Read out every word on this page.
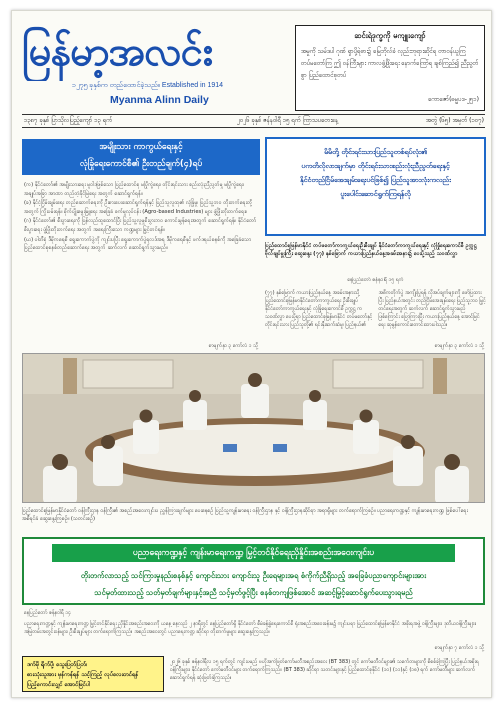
မြန်မာ့အလင်း
၁၂၇၅ ခုနှစ်က တည်ထောင်ခဲ့သည်။ Established in 1914
Myanma Alinn Daily
ဆင်းရဲဒုက္ခကို မကျူးကျော်
အမှုကို သမ်ဒပါ ဂုဏ် ရှာပို့ရဲဓား၌ မြေဘိုလ်ခံ လှည်းဘုရားဆိုင်ရ တာဝန်ယူကြ တပ်မတော်ကြ ဤ ဝန်ကြီးများ ကာလဖွံ့ဖြိုးရေး နောက်ကြော်ရ ချစ်ကြည်၍ ညီညွတ်စွာ ပြည်ထောင်စုတပ်
ကောဇော်(ဓမ္မပဒ-၂၅၁)
၁၃၈၇ ခုနှစ် ပြာသိုလပြည့်ကျော် ၁၃ ရက်	၂၀၂၆ ခုနှစ် ဇန်နဝါရီ ၁၅ ရက် ကြာသပတေးနေ့	အတွဲ (၆၅) အမှတ် (၁၀၇)
အမျိုးသား ကာကွယ်ရေးနှင့်
လုံခြုံရေးကောင်စီ၏ ဦးတည်ချက်(၄)ရပ်

(က) နိုင်ငံတော်၏ အမျိုးသားရေး မူဝါဒဖြစ်သော ပြည်ထောင်စု မပြိုကွဲရေး၊ တိုင်းရင်းသား စည်းလုံးညီညွတ်မှု မပြိုကွဲရေး၊ အချုပ်အခြာ အာဏာ တည်တံ့ခိုင်မြဲရေး အတွက် ဆောင်ရွက်ရန်။

(ခ) နိုင်ငံ့ငြိမ်းချမ်းရေး တည်ဆောက်ရေးကို ဦးစားပေးဆောင်ရွက်ရန်နှင့် ပြည်သူလူထု၏ လုံခြုံမှု၊ ပြည်သူ့ဘဝ တိုးတက်ရေးတို့အတွက် ကြိုးပမ်းရန်။ စိုက်ပျိုးမွေးမြူရေး အခြေခံ စက်မှုလုပ်ငန်း (Agro-based Industries) များ ဖွံ့ဖြိုးတိုးတက်ရေး။

(ဂ) နိုင်ငံတော်၏ စီးပွားရေးကို ပြန်လည်ထူထောင်ပြီး ပြည်သူ့လူမှုစီးပွားဘဝ ကောင်းမွန်ရေးအတွက် ဆောင်ရွက်ရန်။ နိုင်ငံတော် စီးပွားရေး ဖွံ့ဖြိုးတိုးတက်ရေး အတွက် အရေးကြီးသော ကဏ္ဍများ မြှင့်တင်ရန်။

(ဃ) ပါတီစုံ ဒီမိုကရေစီ ရွေးကောက်ပွဲကို ကျင်းပပြီး ရွေးကောက်ပွဲရလဒ်အရ ဒီမိုကရေစီနှင့် ဖက်ဒရယ်စနစ်ကို အခြေခံသော ပြည်ထောင်စုစနစ်တည်ဆောက်ရေး အတွက် ဆက်လက် ဆောင်ရွက်သွားမည်။

စာမျက်နှာ ၃ ကော်လံ ၁ သို့
မိမိတို့ တိုင်းရင်းသားပြည်သူတစ်ရပ်လုံး၏
ပကတိလိုလားချက်မှာ တိုင်းရင်းသားစည်းလုံးညီညွတ်ရေးနှင့်
နိုင်ငံတည်ငြိမ်အေးချမ်းရေးပင်ဖြစ်၍ ပြည်သူအားလုံးကလည်း
ပူးပေါင်းဆောင်ရွက်ကြရန်လို
ပြည်ထောင်စုမြန်မာနိုင်ငံ တပ်မတော်ကာကွယ်ရေးဦးစီးချုပ် နိုင်ငံတော်ကာကွယ်ရေးနှင့် လုံခြုံရေးကောင်စီ ဥက္ကဋ္ဌ ဗိုလ်ချုပ်မှူးကြီး ဆွေးနွေး (၇၇) နှစ်မြောက် ကယားပြည်နယ်နေ့အခမ်းအနား၌ ပေးပို့သည့် သဝဏ်လွှာ
နေပြည်တော် ဇန်နဝါရီ ၁၅ ရက်
(၇၇) နှစ်မြောက် ကယားပြည်နယ်နေ့ အခမ်းအနားသို့ ပြည်ထောင်စုမြန်မာနိုင်ငံတော်ကာကွယ်ရေး ဦးစီးချုပ် နိုင်ငံတော်ကာကွယ်ရေးနှင့် လုံခြုံရေးကောင်စီ ဥက္ကဋ္ဌ က သဝဏ်လွှာ ပေးပို့ရာ ပြည်ထောင်စုမြန်မာနိုင်ငံ တပ်မတော်နှင့် တိုင်းရင်းသား ပြည်သူတို့၏ ရင်းနှီးဆက်ဆံမှု၊ ပြည်နယ်၏ အဓိကတိုက်ပွဲ အကျိုးပြုရန် လိုအပ်ချက်များကို ဖော်ပြထားပြီး ပြည်နယ်အတွင်း တည်ငြိမ်အေးချမ်းရေး ပြည်သူ့ဘဝ မြှင့်တင်ရေးအတွက် ဆက်လက် ဆောင်ရွက်သွားမည်ဖြစ်ကြောင်း ပြောကြားပြီး ကယားပြည်နယ်နေ့ အောင်မြင်ရေး ဆုမွန်ကောင်းတောင်းထားပါသည်။
စာမျက်နှာ ၃ ကော်လံ ၁ သို့
ပြည်ထောင်စုမြန်မာနိုင်ငံတော် ဝန်ကြီးဌာန ဝန်ကြီး၏ အစည်းအဝေးကျင်းပ ညွှန်ကြားချက်များ ပေးနေစဉ် ပြည်သူ့ကျန်းမာရေး ဝန်ကြီးဌာန နှင့် ဝန်ကြီးဌာနဆိုင်ရာ အရာရှိများ တက်ရောက်ကြစဉ်။ ပညာရေးကဏ္ဍနှင့် ကျန်းမာရေးကဏ္ဍ ဖြစ်ပေါ်ရေး အစီရင်ခံ ဆွေးနွေးကြစဉ်။ (သတင်းစဉ်)
ပညာရေးကဏ္ဍနှင့် ကျန်းမာရေးကဏ္ဍ မြှင့်တင်နိုင်ရေးညှိနှိုင်းအစည်းအဝေးကျင်းပ
တိုးတက်လာသည့် သင်ကြားမှုနည်းစနစ်နှင့် ကျောင်းသား ကျောင်းသူ ဦးရေများအရ စံကိုက်ညီရှိသည့် အခြေခံပညာကျောင်းများအား
သင်မှတ်ထားသည့် သတ်မှတ်ချက်များနှင့်အညီ သင့်မှတ်ဖွင့်ပြီး စနစ်တကျဖြစ်အောင် အဆင့်မြှင့်ဆောင်ရွက်ပေးသွားရမည်
နေပြည်တော် ဇန်နဝါရီ ၁၄
ပညာရေးကဏ္ဍနှင့် ကျန်းမာရေးကဏ္ဍ မြှင့်တင်နိုင်ရေး ညှိနှိုင်းအစည်းအဝေးကို ယနေ့ နေ့လည် ၂ နာရီတွင် နေပြည်တော်ရှိ နိုင်ငံတော် စီမံခန့်ခွဲရေးကောင်စီ ရုံးအစည်းအဝေးခန်းမ၌ ကျင်းပရာ ပြည်ထောင်စုမြန်မာနိုင်ငံ အစိုးရအဖွဲ့ ဝန်ကြီးများ၊ ဒုတိယဝန်ကြီးများ၊ အမြဲတမ်းအတွင်းဝန်များ၊ ဦးစီးချုပ်များ တက်ရောက်ကြသည်။ အစည်းအဝေးတွင် ပညာရေးကဏ္ဍ ဆိုင်ရာ တိုးတက်မှုများ ဆွေးနွေးကြသည်။
စာမျက်နှာ ၇ ကော်လံ ၁ သို့
ဒက်မို ရိုက်ပို့၊ သွေးပြတ်ပြတ်၊
စားသုံးသူအား မှန်ကန်ရန် သင့်ကြည့် လုပ်လေးတင်ရန်
ပြည့်ကောင်းလျှင် အောင်မြင်ပါ
၂၀၂၆ ခုနှစ် ဇန်နဝါရီလ ၁၅ ရက်တွင် ကျင်းပမည့် ဗဟိုအကဲဖြတ်ကော်မတီအစည်းအဝေး (BT 383) တွင် ကော်မတီဝင်များ၏ သင်္ကေတများကို စိစစ်ခဲ့ကြပြီး ပြည်နယ်အစိုးရ ဝန်ကြီးများ၊ နိုင်ငံတော် ကော်မတီဝင်များ တက်ရောက်ကြသည်။ (BT 383) ဆိုင်ရာ သတင်းများနှင့် ပြည်ထောင်စုနိုင်ငံ (၁၀) (၁၁)နှင့် (၁၈) ရက် ကော်မတီများ ဆက်လက် ဆောင်ရွက်ရန် ဆုံးဖြတ်ခဲ့ကြသည်။
